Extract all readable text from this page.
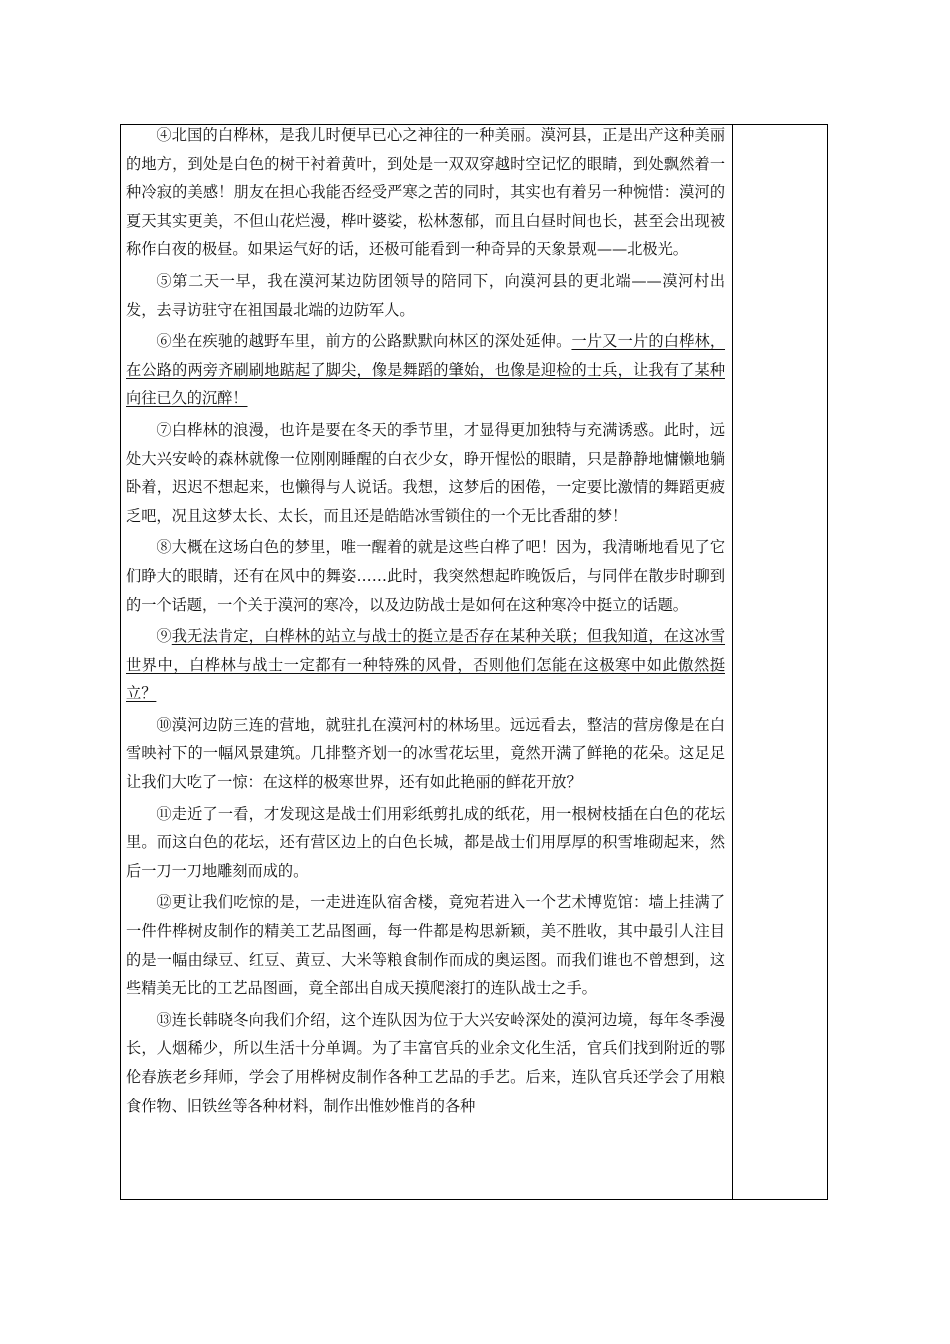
④北国的白桦林，是我儿时便早已心之神往的一种美丽。漠河县，正是出产这种美丽的地方，到处是白色的树干衬着黄叶，到处是一双双穿越时空记忆的眼睛，到处飘然着一种冷寂的美感！朋友在担心我能否经受严寒之苦的同时，其实也有着另一种惋惜：漠河的夏天其实更美，不但山花烂漫，桦叶婆娑，松林葱郁，而且白昼时间也长，甚至会出现被称作白夜的极昼。如果运气好的话，还极可能看到一种奇异的天象景观——北极光。

⑤第二天一早，我在漠河某边防团领导的陪同下，向漠河县的更北端——漠河村出发，去寻访驻守在祖国最北端的边防军人。

⑥坐在疾驰的越野车里，前方的公路默默向林区的深处延伸。一片又一片的白桦林，在公路的两旁齐刷刷地踮起了脚尖，像是舞蹈的肇始，也像是迎检的士兵，让我有了某种向往已久的沉醉！

⑦白桦林的浪漫，也许是要在冬天的季节里，才显得更加独特与充满诱惑。此时，远处大兴安岭的森林就像一位刚刚睡醒的白衣少女，睁开惺忪的眼睛，只是静静地慵懒地躺卧着，迟迟不想起来，也懒得与人说话。我想，这梦后的困倦，一定要比激情的舞蹈更疲乏吧，况且这梦太长、太长，而且还是皓皓冰雪锁住的一个无比香甜的梦！

⑧大概在这场白色的梦里，唯一醒着的就是这些白桦了吧！因为，我清晰地看见了它们睁大的眼睛，还有在风中的舞姿……此时，我突然想起昨晚饭后，与同伴在散步时聊到的一个话题，一个关于漠河的寒冷，以及边防战士是如何在这种寒冷中挺立的话题。

⑨我无法肯定，白桦林的站立与战士的挺立是否存在某种关联；但我知道，在这冰雪世界中，白桦林与战士一定都有一种特殊的风骨，否则他们怎能在这极寒中如此傲然挺立？

⑩漠河边防三连的营地，就驻扎在漠河村的林场里。远远看去，整洁的营房像是在白雪映衬下的一幅风景建筑。几排整齐划一的冰雪花坛里，竟然开满了鲜艳的花朵。这足足让我们大吃了一惊：在这样的极寒世界，还有如此艳丽的鲜花开放？

⑪走近了一看，才发现这是战士们用彩纸剪扎成的纸花，用一根树枝插在白色的花坛里。而这白色的花坛，还有营区边上的白色长城，都是战士们用厚厚的积雪堆砌起来，然后一刀一刀地雕刻而成的。

⑫更让我们吃惊的是，一走进连队宿舍楼，竟宛若进入一个艺术博览馆：墙上挂满了一件件桦树皮制作的精美工艺品图画，每一件都是构思新颖，美不胜收，其中最引人注目的是一幅由绿豆、红豆、黄豆、大米等粮食制作而成的奥运图。而我们谁也不曾想到，这些精美无比的工艺品图画，竟全部出自成天摸爬滚打的连队战士之手。

⑬连长韩晓冬向我们介绍，这个连队因为位于大兴安岭深处的漠河边境，每年冬季漫长，人烟稀少，所以生活十分单调。为了丰富官兵的业余文化生活，官兵们找到附近的鄂伦春族老乡拜师，学会了用桦树皮制作各种工艺品的手艺。后来，连队官兵还学会了用粮食作物、旧铁丝等各种材料，制作出惟妙惟肖的各种
